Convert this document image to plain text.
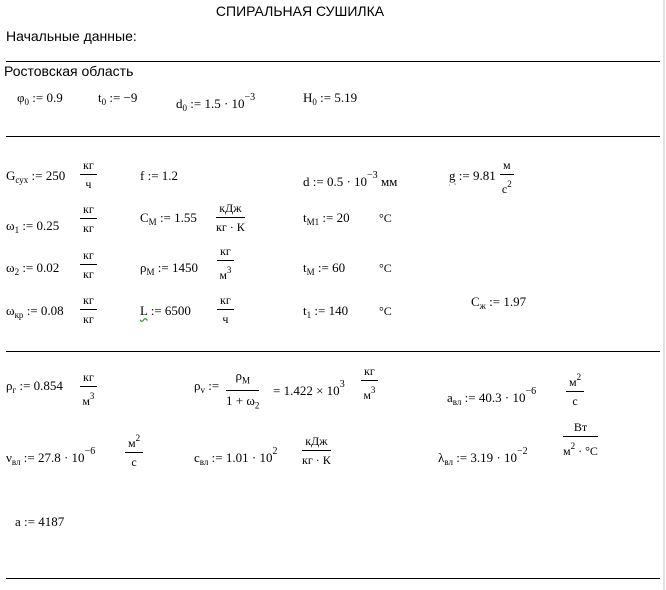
СПИРАЛЬНАЯ СУШИЛКА
Начальные данные:
Ростовская область
$\varphi_0$ := 0.9	$t_0$ := −9	$d_0$ := $1.5 \cdot 10^{-3}$	$H_0$ := 5.19
$G_{сух}$ := 250
кг
ч
f := 1.2	d := $0.5 \cdot 10^{-3}$ мм	g := 9.81
м
$с^2$
$\omega_1$ := 0.25
кг
кг
$C_M$ := 1.55
кДж
кг · К
$t_{M1}$ := 20 °C
$\omega_2$ := 0.02
кг
кг	$\rho_M$ := 1450
кг
$м^3$	$t_M$ := 60	°C
$\omega_{кр}$ := 0.08
кг
кг
L := 6500
кг
ч
$t_1$ := 140	°C
$C_ж$ := 1.97
$\rho_г$ := 0.854
кг
$м^3$
$\rho_v$ :=
$\rho_M$
$1 + \omega_2$
= $1.422 \times 10^3$
кг
$м^3$	$a_{вл}$ := $40.3 \cdot 10^{-6}$
$м^2$
с
$\nu_{вл}$ := $27.8 \cdot 10^{-6}$
$м^2$
с	$c_{вл}$ := $1.01 \cdot 10^2$
кДж
кг · К	$\lambda_{вл}$ := $3.19 \cdot 10^{-2}$
Вт
$м^2 \cdot ^\circ C$
a := 4187
